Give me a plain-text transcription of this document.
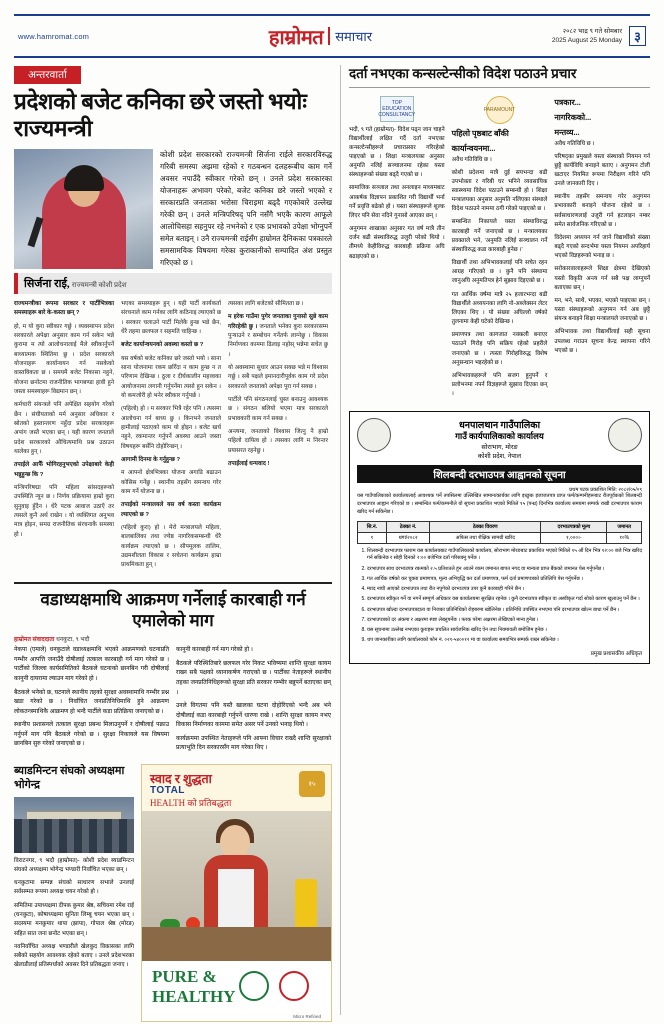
www.hamromat.com	हाम्रोमत समाचार	२०८२ भाद्र ९ गते सोमबार
2025 August 25 Monday ३
अन्तरवार्ता
प्रदेशको बजेट कनिका छरे जस्तो भयोः राज्यमन्त्री
कोशी प्रदेश सरकारको राज्यमन्त्री सिर्जना राईले सरकारविरुद्ध गरिबी समस्या अझमा रहेको र गठबन्धन दलहरूबीच काम गर्ने अवसर नपाउँदै स्वीकार गरेको छन् । उनले प्रदेश सरकारका योजनाहरू अभावग परेको, बजेट कनिका छरे जस्तो भएको र सरकारप्रति जनताका भरोसा चिराइमा बढ्दै गएकोबारे उल्लेख गरेकी छन् । उनले मन्त्रिपरिषद् पनि नसँगै भएकै कारण आफूले आलोचिसहा सहनुपर रहे नभनेको र एक प्रभावको उपेक्षा भोग्नुपर्ने समेत बताइन् । उनै राज्यमन्त्री राईसँग हाम्रोमत दैनिकका पत्रकारले समसामयिक विषयमा गरेका कुराकानीको सम्पादित अंश प्रस्तुत गरिएको छ ।
सिर्जना राई, राज्यमन्त्री कोशी प्रदेश

राज्यमन्त्रीका रूपमा सरकार र पार्टीभित्रका समस्याहरू बारे के-कस्ता छन् ?

हो, म यो कुरा स्वीकार गर्छु । व्यवस्थापन प्रदेश सरकारले अपेक्षा अनुसार काम गर्न सकेन भन्ने कुरामा म त्यो आलोचनालाई मैले स्वीकार्नुपर्ने बाध्यात्मक स्थितिमा छु । प्रदेश सरकारले योजनाहरू कार्यान्वयन गर्न नसकेको वास्तविकता छ । समयमै बजेट निकासा नहुने, योजना छनोटमा राजनीतिक भागबण्डा हावी हुने जस्ता समस्याहरू विद्यमान छन् ।

कर्मचारी संयन्त्रले पनि अपेक्षित सहयोग गरेको छैन । संघीयताको मर्म अनुसार अधिकार र स्रोतको हस्तान्तरण नहुँदा प्रदेश सरकारहरू अपांग जस्तै भएका छन् । यही कारण जनताले प्रदेश सरकारको औचित्यमाथि प्रश्न उठाउन थालेका हुन् ।

तपाईंले आफैँ भोगिरहनुभएको उपेक्षाबारे केही भन्नुहुन्छ कि ?

मन्त्रिपरिषद्मा पनि महिला सांसदहरूको उपस्थिति न्यून छ । निर्णय प्रक्रियामा हाम्रो कुरा सुनुवाइ हुँदैन । धेरै पटक आवाज उठाएँ तर त्यसले कुनै अर्थ राखेन । यो व्यक्तिगत अनुभव मात्र होइन, समग्र राजनीतिक संरचनाकै समस्या हो ।

भएका समस्याहरू हुन् । यही पार्टी कार्यकर्ता संरचनाले काम गर्नका लागि कठिनाइ ल्याएको छ । सरकार चलाउने पार्टी मिलेकै हुन्छ भन्ने छैन, धेरै तहमा छलफल र सहमति चाहिन्छ ।

बजेट कार्यान्वयनको अवस्था कस्तो छ ?

यस वर्षको बजेट कनिका छरे जस्तो भयो । साना साना योजनामा रकम छरिँदा न काम हुन्छ न त परिणाम देखिन्छ । ठूला र दीर्घकालीन महत्त्वका आयोजनामा लगानी गर्नुपर्नेमा त्यसो हुन सकेन । यो कमजोरी हो भनेर स्वीकार गर्नुपर्छ ।

(पहिलो) हो । म सरकार भित्रै रहेर पनि । त्यसमा आलोचना गर्न बाध्य छु । किनभने जनताले हामीलाई पठाएको काम यो होइन । बजेट खर्च नहुने, रकमान्तर गर्नुपर्ने अवस्था आउने जस्ता विषयहरू बर्सेनि दोहोरिन्छन् ।

आगामी दिनमा के गर्नुहुन्छ ?

म आफ्नो क्षेत्रभित्रका योजना अगाडि बढाउन कोसिस गर्नेछु । स्थानीय तहसँग समन्वय गरेर काम गर्ने योजना छ ।

तपाईंको मन्त्रालयले यस वर्ष कस्ता कार्यक्रम ल्याएको छ ?

(पहिलो कुरा) हो । मेरो मन्त्रालयले महिला, बालबालिका तथा ज्येष्ठ नागरिकसम्बन्धी धेरै कार्यक्रम ल्याएको छ । सीपमूलक तालिम, उद्यमशीलता विकास र सचेतना कार्यक्रम हाम्रा प्राथमिकता हुन् ।

त्यसका लागि बजेटको सीमितता छ ।

म हरेक गाउँमा पुगेर जनताका गुनासो सुन्ने काम गरिरहेकी छु । जनताले भनेका कुरा सरकारसम्म पुर्‍याउने र सम्बोधन गर्नेतर्फ लाग्नेछु । विकास निर्माणका काममा ढिलाइ नहोस् भन्नेमा सचेत छु ।

यो अवस्थामा सुधार आउन सक्छ भन्ने म विश्वास गर्छु । सबै पक्षले इमानदारीपूर्वक काम गरे प्रदेश सरकारले जनताको अपेक्षा पूरा गर्न सक्छ ।

पार्टीले पनि संगठनलाई चुस्त बनाउनु आवश्यक छ । संगठन बलियो भएमा मात्र सरकारले प्रभावकारी काम गर्न सक्छ ।

अन्त्यमा, जनताको विश्वास जित्नु नै हाम्रो पहिलो दायित्व हो । त्यसका लागि म निरन्तर प्रयासरत रहनेछु ।

तपाईंलाई धन्यवाद !

वडाध्यक्षमाथि आक्रमण गर्नेलाई कारबाही गर्न एमालेको माग
हाम्रोमत संवाददाता धनकुटा, ९ भदौ

नेकपा (एमाले) धनकुटाले वडाध्यक्षमाथि भएको आक्रमणको घटनाप्रति गम्भीर आपत्ति जनाउँदै दोषीलाई तत्काल कारबाही गर्न माग गरेको छ । पार्टीको जिल्ला कार्यसमितिको बैठकले घटनाको छानबिन गरी दोषीलाई कानुनी दायरामा ल्याउन माग गरेको हो ।

बैठकले भनेको छ, घटनाले स्थानीय तहको सुरक्षा अवस्थामाथि गम्भीर प्रश्न खडा गरेको छ । निर्वाचित जनप्रतिनिधिमाथि हुने आक्रमण लोकतन्त्रमाथिकै आक्रमण हो भन्दै पार्टीले कडा प्रतिक्रिया जनाएको छ ।

स्थानीय प्रशासनले तत्काल सुरक्षा प्रबन्ध मिलाउनुपर्ने र दोषीलाई पक्राउ गर्नुपर्ने माग पनि बैठकले गरेको छ । सुरक्षा निकायले यस विषयमा छानबिन सुरु गरेको जनाएको छ ।

कानुनी कारबाही गर्न माग गरेको हो ।

बैठकले परिस्थितिबारे छलफल गरेर निकट भविष्यमा शान्ति सुरक्षा कायम राख्न सबै पक्षको ध्यानाकर्षण गराएको छ । पार्टीका नेताहरूले स्थानीय तहका जनप्रतिनिधिहरूको सुरक्षा प्रति सरकार गम्भीर बन्नुपर्ने बताएका छन् ।

उनले विगतमा पनि यस्तै खालका घटना दोहोरिएको भन्दै अब भने दोषीलाई कडा कारबाही गर्नुपर्ने धारणा राखे । शान्ति सुरक्षा कायम नभए विकास निर्माणका काममा समेत असर पर्ने उनको भनाइ थियो ।

कार्यक्रममा उपस्थित नेताहरूले पनि आफ्ना विचार राख्दै शान्ति सुरक्षाको प्रत्याभूति दिन सरकारसँग माग गरेका थिए ।

ब्याडमिन्टन संघको अध्यक्षमा भोगेन्द्र

विराटनगर, ९ भदौ (हाम्रोमत)- कोशी प्रदेश ब्याडमिन्टन संघको अध्यक्षमा भोगेन्द्र भण्डारी निर्वाचित भएका छन् ।

धनकुटामा सम्पन्न संघको साधारण सभाले उनलाई सर्वसम्मत रूपमा अध्यक्ष चयन गरेको हो ।

समितिमा उपाध्यक्षमा दीपक कुमार श्रेष्ठ, सचिवमा रमेश राई (धनकुटा), कोषाध्यक्षमा सुनिता लिम्बू चयन भएका छन् । सदस्यमा मनकुमार थापा (झापा), गोपाल श्रेष्ठ (मोरङ) सहित सात जना छनोट भएका छन् ।

नवनिर्वाचित अध्यक्ष भण्डारीले खेलकुद विकासका लागि सबैको सहयोग आवश्यक रहेको बताए । उनले प्रदेशभरका खेलाडीलाई प्रतिस्पर्धाको अवसर दिने प्रतिबद्धता जनाए ।

स्वाद र शुद्धता
TOTAL
HEALTH को प्रतिबद्धता
१५
PURE &
HEALTHY
Micro Refined
दर्ता नभएका कन्सल्टेन्सीको विदेश पठाउने प्रचार
TOP EDUCATION CONSULTANCY

भदौ, ९ गते (हाम्रोमत)- विदेश पढ्न जान चाहने विद्यार्थीलाई लक्षित गर्दै दर्ता नभएका कन्सल्टेन्सीहरूले प्रचारप्रसार गरिरहेको पाइएको छ । शिक्षा मन्त्रालयका अनुसार अनुमति नलिई सञ्चालनमा रहेका यस्ता संस्थाहरूको संख्या बढ्दै गएको छ ।

सामाजिक सञ्जाल तथा अनलाइन माध्यमबाट आकर्षक विज्ञापन प्रकाशित गरी विद्यार्थी भर्ना गर्ने प्रवृत्ति बढेको हो । यस्ता संस्थाहरूले शुल्क लिएर पनि सेवा नदिने गुनासो आएका छन् ।

अनुगमन शाखाका अनुसार गत वर्ष मात्रै तीन दर्जन बढी संस्थाविरुद्ध उजुरी परेको थियो । तीमध्ये केहीविरुद्ध कारबाही प्रक्रिया अघि बढाइएको छ ।

PARAMOUNT
पहिलो पृष्ठबाट बाँकी
कार्यान्वयनमा...

अवैध गतिविधि छ ।

कोशी प्रदेशमा मात्रै दुई सयभन्दा बढी उपभोक्ता र गरिबी घर भनिने व्यवसायिक स्वास्थ्यमा विदेश पठाउने सम्बन्धी हो । शिक्षा मन्त्रालयका अनुसार अनुमति नलिएका संस्थाले विदेश पठाउने नाममा ठगी गरेको पाइएको छ ।

सम्बन्धित निकायले यस्ता संस्थाविरुद्ध कारबाही गर्ने जनाएको छ । मन्त्रालयका प्रवक्ताले भने, 'अनुमति नलिई सञ्चालन गर्ने संस्थाविरुद्ध कडा कारबाही हुनेछ ।'

विद्यार्थी तथा अभिभावकलाई पनि सचेत रहन आग्रह गरिएको छ । कुनै पनि संस्थामा जानुअघि अनुमतिपत्र हेर्न सुझाव दिइएको छ ।

गत आर्थिक वर्षमा मात्रै २५ हजारभन्दा बढी विद्यार्थीले अध्ययनका लागि नो-अब्जेक्सन लेटर लिएका थिए । यो संख्या अघिल्लो वर्षको तुलनामा केही घटेको देखिन्छ ।

प्रमाणपत्र तथा कागजात नक्कली बनाएर पठाउने गिरोह पनि सक्रिय रहेको प्रहरीले जनाएको छ । त्यस्ता गिरोहविरुद्ध विशेष अनुसन्धान भइरहेको छ ।

अभिभावकहरूले पनि सजग हुनुपर्ने र प्रलोभनमा नपर्न विज्ञहरूले सुझाव दिएका छन् ।

पत्रकार...
नागरिकको...
मन्तव्य...

अवैध गतिविधि छ ।

परिषद्का प्रमुखले यस्ता संस्थाको नियमन गर्न छुट्टै कार्यविधि बनाइने बताए । अनुगमन टोली खटाएर नियमित रूपमा निरीक्षण गरिने पनि उनले जानकारी दिए ।

स्थानीय तहसँग समन्वय गरेर अनुगमन प्रभावकारी बनाइने योजना रहेको छ । सर्वसाधारणलाई उजुरी गर्न हटलाइन नम्बर समेत सार्वजनिक गरिएको छ ।

विदेशमा अध्ययन गर्न जाने विद्यार्थीको संख्या बढ्दै गएको सन्दर्भमा यस्ता नियमन अपरिहार्य भएको विज्ञहरूको भनाइ छ ।

सरोकारवालाहरूले शिक्षा क्षेत्रमा देखिएको यस्तो विकृति अन्त्य गर्न सबै पक्ष लाग्नुपर्ने बताएका छन् ।

मन, भने, साथै, भएका, भएको पाइएका छन् । यस्ता संस्थाहरूको अनुगमन गर्न अब छुट्टै संयन्त्र बनाइने शिक्षा मन्त्रालयले जनाएको छ ।

अभिभावक तथा विद्यार्थीलाई सही सूचना उपलब्ध गराउन सूचना केन्द्र स्थापना गरिने भएको छ ।

धनपालथान गाउँपालिका
गाउँ कार्यपालिकाको कार्यालय
सोराभाग, मोरङ
कोशी प्रदेश, नेपाल
शिलबन्दी दरभाउपत्र आह्वानको सूचना
प्रथम पटक प्रकाशित मिति: २०८२/०५/०९

यस गाउँपालिकाको कार्यालयलाई आवश्यक पर्ने तपसिलमा उल्लिखित सामान/कार्यका लागि इच्छुक इजाजतपत्र प्राप्त फर्म/कम्पनीहरूबाट रीतपूर्वकको शिलबन्दी दरभाउपत्र आह्वान गरिएको छ । सम्बन्धित फर्म/कम्पनीले यो सूचना प्रकाशित भएको मितिले १५ (पन्ध्र) दिनभित्र कार्यालय समयमा सम्पर्क राखी दरभाउपत्र फाराम खरिद गर्न सकिनेछ ।

सि.नं.	ठेक्का नं.	ठेक्का विवरण	दरभाउपत्रको मूल्य	जमानत
१	धगा/२०८२	अफिस तथा शैक्षिक सामग्री खरिद	१,०००।-	१०%
1. शिलबन्दी दरभाउपत्र फाराम यस कार्यालयबाट गाउँपालिकाको कार्यालय, सोराभाग मोरङबाट प्रकाशित भएको मितिले १५ औं दिन भित्र १२:०० बजे भित्र खरिद गर्न सकिनेछ र सोही दिनको २:०० बजेभित्र दर्ता गरिसक्नु पर्नेछ ।
2. दरभाउपत्र साथ दरभाउपत्र रकमको २.५ प्रतिशतले हुन आउने रकम जमानत बापत नगद वा मान्यता प्राप्त बैंकको जमानत पेस गर्नुपर्नेछ ।
3. गत आर्थिक वर्षको कर चुक्ता प्रमाणपत्र, मूल्य अभिवृद्धि कर दर्ता प्रमाणपत्र, फर्म दर्ता प्रमाणपत्रको प्रतिलिपि पेस गर्नुपर्नेछ ।
4. म्याद नाघी आएको दरभाउपत्र तथा रीत नपुगेको दरभाउपत्र उपर कुनै कारबाही गरिने छैन ।
5. दरभाउपत्र स्वीकृत गर्ने वा नगर्ने सम्पूर्ण अधिकार यस कार्यालयमा सुरक्षित रहनेछ । कुनै दरभाउपत्र स्वीकृत वा अस्वीकृत गर्दा सोको कारण खुलाउनु पर्ने छैन ।
6. दरभाउपत्र खोल्दा दरभाउपत्रदाता वा निजका प्रतिनिधिको रोहबरमा खोलिनेछ । प्रतिनिधि उपस्थित नभएमा पनि दरभाउपत्र खोल्न बाधा पर्ने छैन ।
7. दरभाउपत्रको दर अंकमा र अक्षरमा स्पष्ट लेख्नुपर्नेछ । फरक परेमा अक्षरमा लेखिएको मान्य हुनेछ ।
8. यस सूचनामा उल्लेख नभएका कुराहरू प्रचलित सार्वजनिक खरिद ऐन तथा नियमावली बमोजिम हुनेछ ।
9. थप जानकारीका लागि कार्यालयको फोन नं. ०२१-५४००१२ मा वा कार्यालय समयभित्र सम्पर्क राख्न सकिनेछ ।
प्रमुख प्रशासकीय अधिकृत
